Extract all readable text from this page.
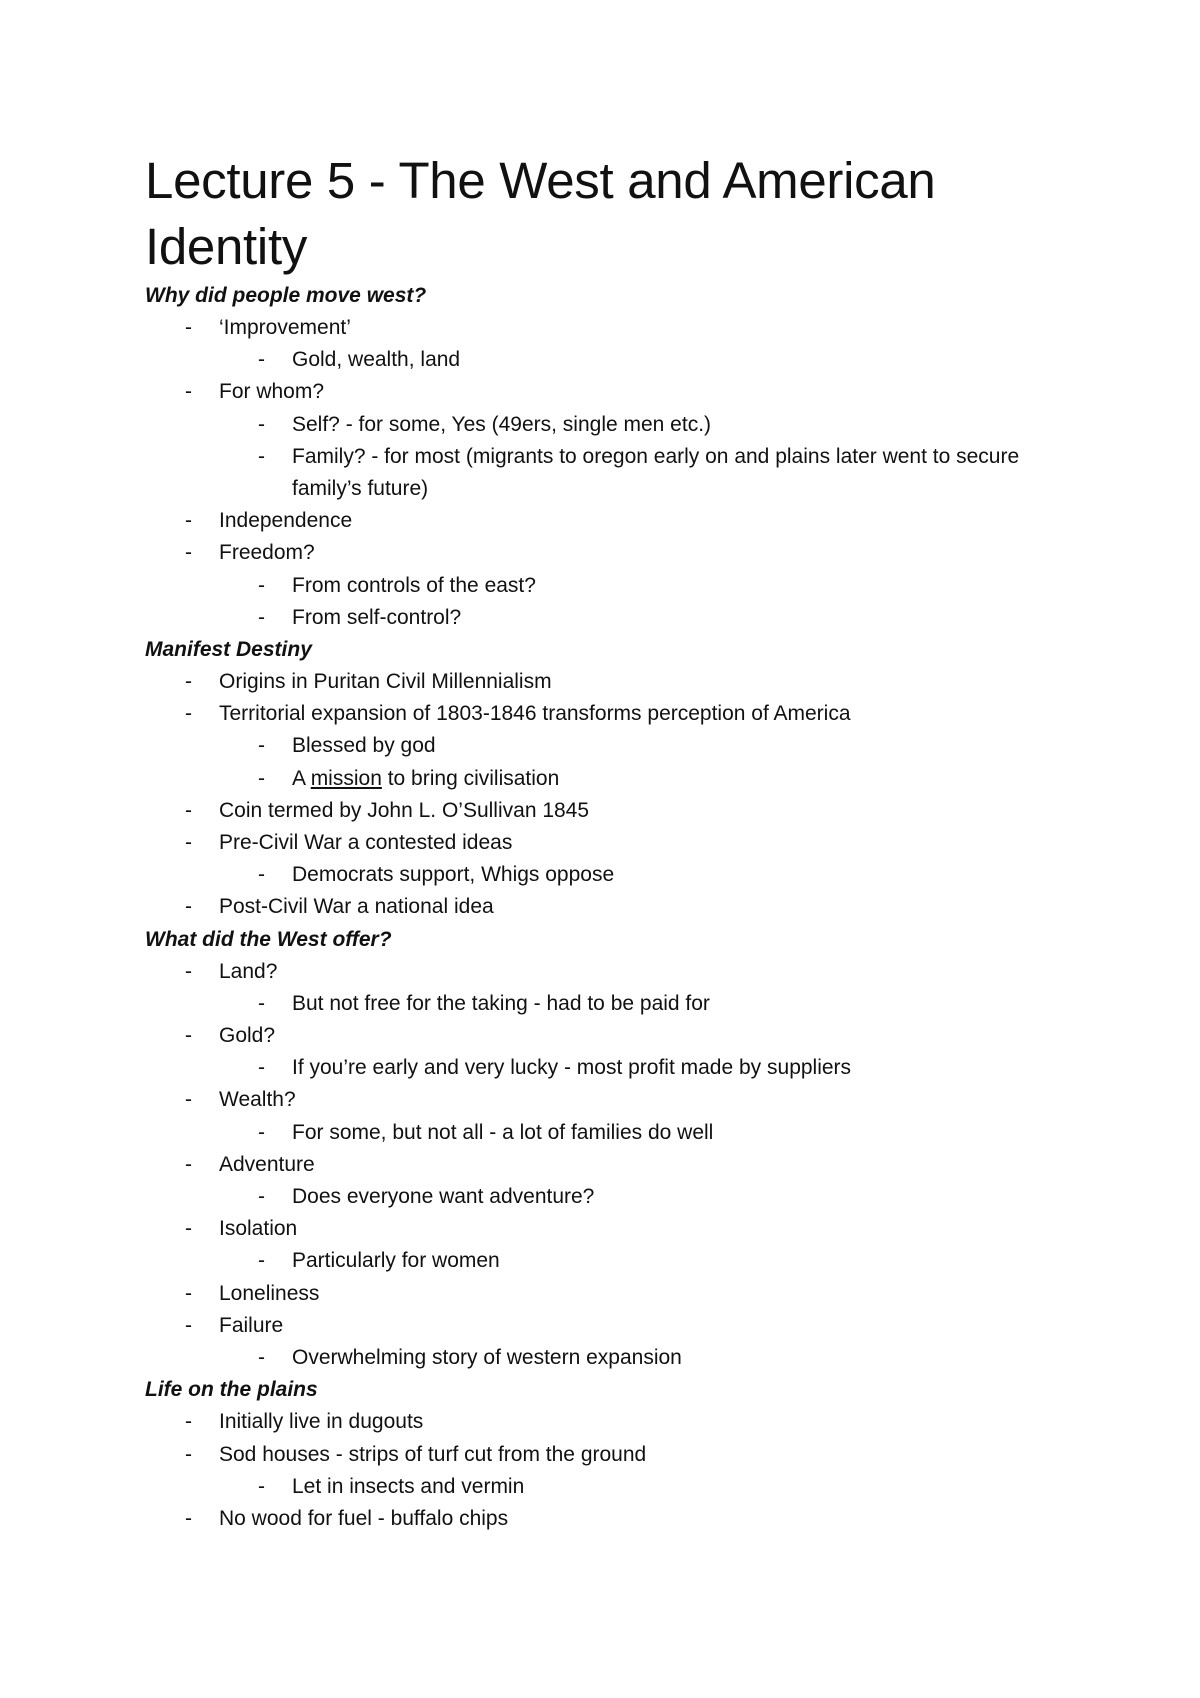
Lecture 5 - The West and American Identity

Why did people move west?

- ‘Improvement’

- Gold, wealth, land

- For whom?

- Self? - for some, Yes (49ers, single men etc.)

- Family? - for most (migrants to oregon early on and plains later went to secure family’s future)

- Independence

- Freedom?

- From controls of the east?

- From self-control?

Manifest Destiny

- Origins in Puritan Civil Millennialism

- Territorial expansion of 1803-1846 transforms perception of America

- Blessed by god

- A mission to bring civilisation

- Coin termed by John L. O’Sullivan 1845

- Pre-Civil War a contested ideas

- Democrats support, Whigs oppose

- Post-Civil War a national idea

What did the West offer?

- Land?

- But not free for the taking - had to be paid for

- Gold?

- If you’re early and very lucky - most profit made by suppliers

- Wealth?

- For some, but not all - a lot of families do well

- Adventure

- Does everyone want adventure?

- Isolation

- Particularly for women

- Loneliness

- Failure

- Overwhelming story of western expansion

Life on the plains

- Initially live in dugouts

- Sod houses - strips of turf cut from the ground

- Let in insects and vermin

- No wood for fuel - buffalo chips
